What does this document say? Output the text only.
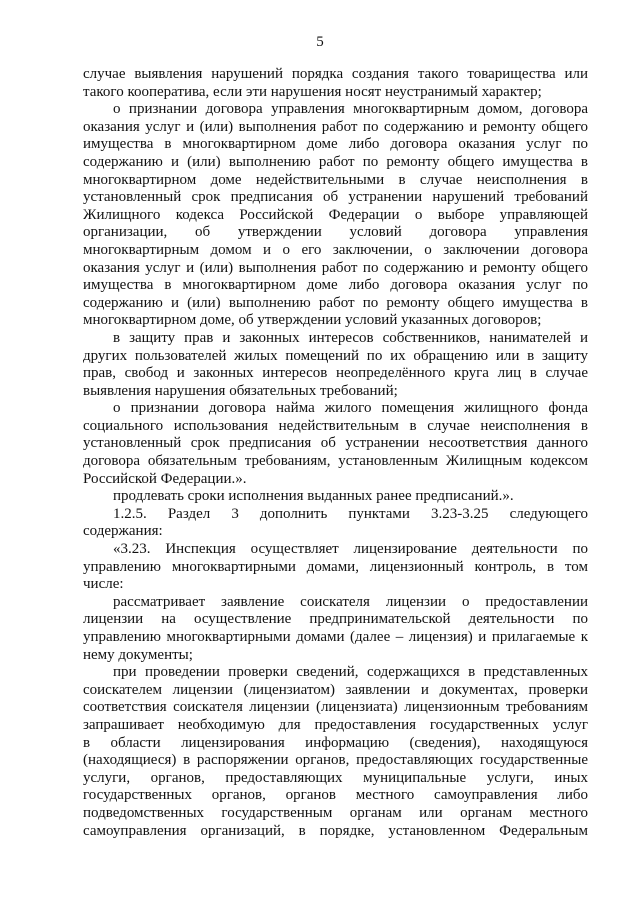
5
случае выявления нарушений порядка создания такого товарищества или
такого кооператива, если эти нарушения носят неустранимый характер;
о признании договора управления многоквартирным домом, договора
оказания услуг и (или) выполнения работ по содержанию и ремонту общего
имущества в многоквартирном доме либо договора оказания услуг по
содержанию и (или) выполнению работ по ремонту общего имущества в
многоквартирном доме недействительными в случае неисполнения в
установленный срок предписания об устранении нарушений требований
Жилищного кодекса Российской Федерации о выборе управляющей
организации, об утверждении условий договора управления
многоквартирным домом и о его заключении, о заключении договора
оказания услуг и (или) выполнения работ по содержанию и ремонту общего
имущества в многоквартирном доме либо договора оказания услуг по
содержанию и (или) выполнению работ по ремонту общего имущества в
многоквартирном доме, об утверждении условий указанных договоров;
в защиту прав и законных интересов собственников, нанимателей и
других пользователей жилых помещений по их обращению или в защиту
прав, свобод и законных интересов неопределённого круга лиц в случае
выявления нарушения обязательных требований;
о признании договора найма жилого помещения жилищного фонда
социального использования недействительным в случае неисполнения в
установленный срок предписания об устранении несоответствия данного
договора обязательным требованиям, установленным Жилищным кодексом
Российской Федерации.».
продлевать сроки исполнения выданных ранее предписаний.».
1.2.5. Раздел 3 дополнить пунктами 3.23-3.25 следующего
содержания:
«3.23. Инспекция осуществляет лицензирование деятельности по
управлению многоквартирными домами, лицензионный контроль, в том
числе:
рассматривает заявление соискателя лицензии о предоставлении
лицензии на осуществление предпринимательской деятельности по
управлению многоквартирными домами (далее – лицензия) и прилагаемые к
нему документы;
при проведении проверки сведений, содержащихся в представленных
соискателем лицензии (лицензиатом) заявлении и документах, проверки
соответствия соискателя лицензии (лицензиата) лицензионным требованиям
запрашивает необходимую для предоставления государственных услуг
в области лицензирования информацию (сведения), находящуюся
(находящиеся) в распоряжении органов, предоставляющих государственные
услуги, органов, предоставляющих муниципальные услуги, иных
государственных органов, органов местного самоуправления либо
подведомственных государственным органам или органам местного
самоуправления организаций, в порядке, установленном Федеральным
